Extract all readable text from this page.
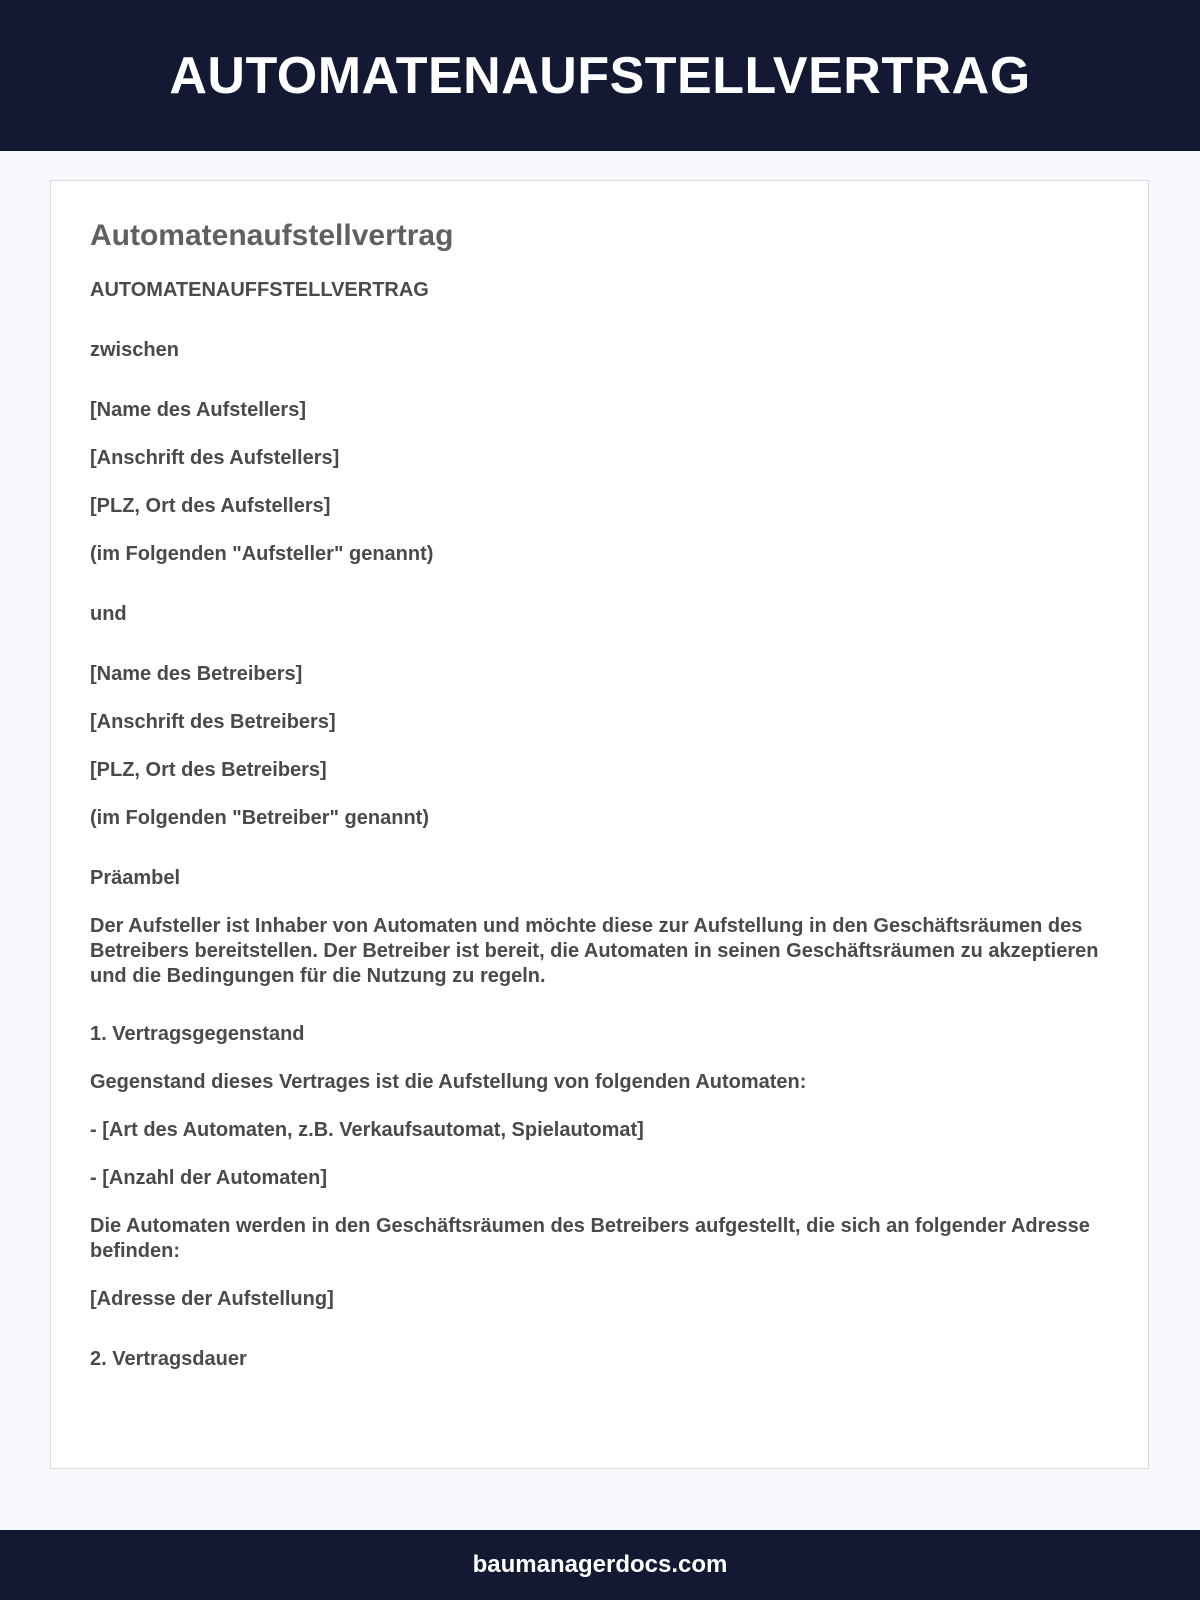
AUTOMATENAUFSTELLVERTRAG
Automatenaufstellvertrag

AUTOMATENAUFFSTELLVERTRAG

zwischen

[Name des Aufstellers]

[Anschrift des Aufstellers]

[PLZ, Ort des Aufstellers]

(im Folgenden "Aufsteller" genannt)

und

[Name des Betreibers]

[Anschrift des Betreibers]

[PLZ, Ort des Betreibers]

(im Folgenden "Betreiber" genannt)

Präambel

Der Aufsteller ist Inhaber von Automaten und möchte diese zur Aufstellung in den Geschäftsräumen des Betreibers bereitstellen. Der Betreiber ist bereit, die Automaten in seinen Geschäftsräumen zu akzeptieren und die Bedingungen für die Nutzung zu regeln.

1. Vertragsgegenstand

Gegenstand dieses Vertrages ist die Aufstellung von folgenden Automaten:

- [Art des Automaten, z.B. Verkaufsautomat, Spielautomat]

- [Anzahl der Automaten]

Die Automaten werden in den Geschäftsräumen des Betreibers aufgestellt, die sich an folgender Adresse befinden:

[Adresse der Aufstellung]

2. Vertragsdauer

baumanagerdocs.com
